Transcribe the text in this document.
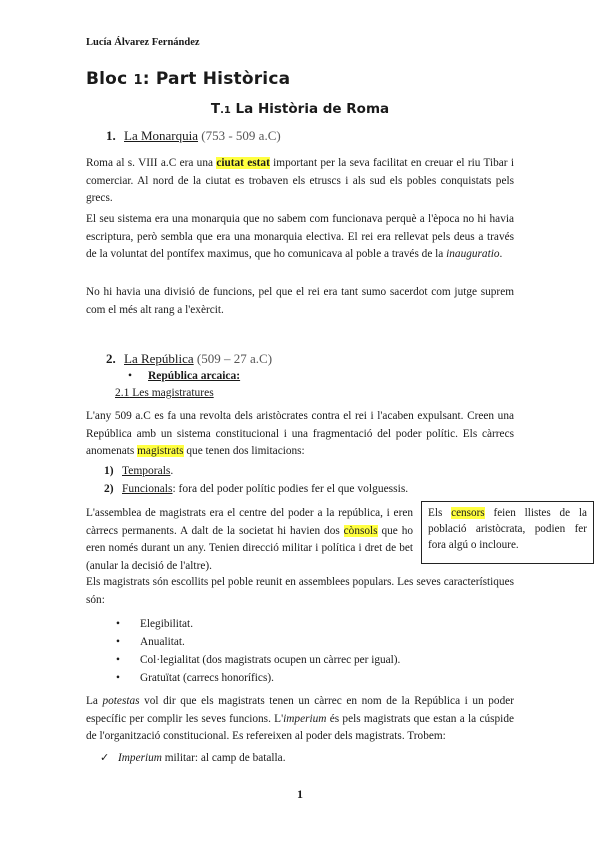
Lucía Álvarez Fernández
Bloc 1: Part Històrica
T.1 La Història de Roma
1. La Monarquia (753 - 509 a.C)

Roma al s. VIII a.C era una ciutat estat important per la seva facilitat en creuar el riu Tibar i comerciar. Al nord de la ciutat es trobaven els etruscs i als sud els pobles conquistats pels grecs.

El seu sistema era una monarquia que no sabem com funcionava perquè a l'època no hi havia escriptura, però sembla que era una monarquia electiva. El rei era rellevat pels deus a través de la voluntat del pontífex maximus, que ho comunicava al poble a través de la inauguratio.

No hi havia una divisió de funcions, pel que el rei era tant sumo sacerdot com jutge suprem com el més alt rang a l'exèrcit.

2. La República (509 – 27 a.C)
• República arcaica:
2.1 Les magistratures

L'any 509 a.C es fa una revolta dels aristòcrates contra el rei i l'acaben expulsant. Creen una República amb un sistema constitucional i una fragmentació del poder polític. Els càrrecs anomenats magistrats que tenen dos limitacions:

1) Temporals.
2) Funcionals: fora del poder polític podies fer el que volguessis.

L'assemblea de magistrats era el centre del poder a la república, i eren càrrecs permanents. A dalt de la societat hi havien dos cònsols que ho eren només durant un any. Tenien direcció militar i política i dret de bet (anular la decisió de l'altre).

Els censors feien llistes de la població aristòcrata, podien fer fora algú o incloure.

Els magistrats són escollits pel poble reunit en assemblees populars. Les seves característiques són:

• Elegibilitat.
• Anualitat.
• Col·legialitat (dos magistrats ocupen un càrrec per igual).
• Gratuïtat (carrecs honorífics).

La potestas vol dir que els magistrats tenen un càrrec en nom de la República i un poder específic per complir les seves funcions. L'imperium és pels magistrats que estan a la cúspide de l'organització constitucional. Es refereixen al poder dels magistrats. Trobem:

✓ Imperium militar: al camp de batalla.
1
